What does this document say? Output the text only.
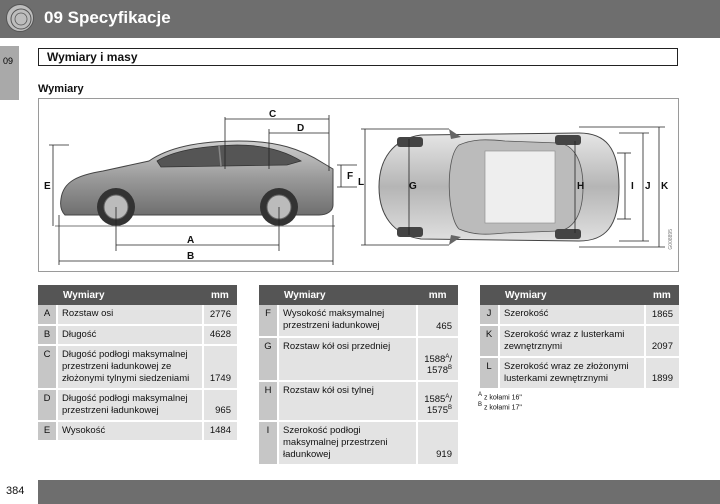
09 Specyfikacje
09	Wymiary i masy
Wymiary
E
A
B
C
D
F
L	G	H	I J K
G008895
	Wymiary	mm
A	Rozstaw osi	2776
B	Długość	4628
C	Długość podłogi maksymalnej przestrzeni ładunkowej ze złożonymi tylnymi siedzeniami	1749
D	Długość podłogi maksymalnej przestrzeni ładunkowej	965
E	Wysokość	1484
	Wymiary	mm
F	Wysokość maksymalnej przestrzeni ładunkowej	465
G	Rozstaw kół osi przedniej	$1588^A/$
$1578^B$

H	Rozstaw kół osi tylnej	$1585^A/$
$1575^B$

I	Szerokość podłogi maksymalnej przestrzeni ładunkowej	919
	Wymiary	mm
J	Szerokość	1865
K	Szerokość wraz z lusterkami zewnętrznymi	2097
L	Szerokość wraz ze złożonymi lusterkami zewnętrznymi	1899
$^A$ z kołami 16"
$^B$ z kołami 17"
384
